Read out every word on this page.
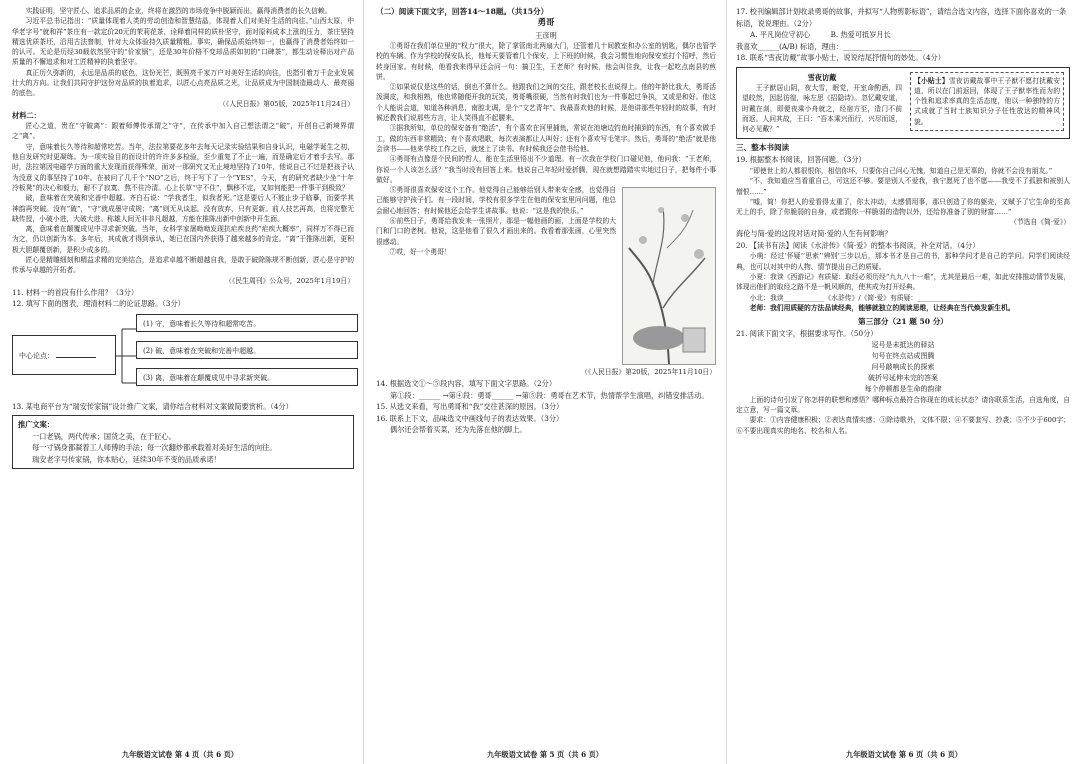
实践证明，坚守匠心、追求品质的企业，终将在激烈的市场竞争中脱颖而出，赢得消费者的长久信赖。

习近平总书记指出：“质量体现着人类的劳动创造和智慧结晶，体现着人们对美好生活的向往。”山西太原，中华老字号“就和祥”茶庄有一款定价20元的茉莉花茶，诠释着同样的质朴坚守，面对原料成本上涨的压力，茶庄坚持精选优质茶坯，沿用古法窨制，针对大众体验持久质量精粗。事实，确保品质始终如一，也赢得了消费者始终如一的认可。无论是历经30载依然坚守的“价家锅”，还是30年价格不变却品质如初的“口碑茶”，都生动诠释出对产品质量的不懈追求和对工匠精神的执着坚守。

真正历久弥新的，永远是品质的底色，这份光芒，既照亮千家万户对美好生活的向往，也指引着万千企业发展壮大的方向。让我们共同守护这份对品质的执着追求，以匠心点亮品质之光，让品质成为中国制造最动人、最亮丽的底色。

（《人民日报》第05版，2025年11月24日）

材料二：

匠心之道，贵在“守破离”：跟着师傅传承谓之“守”，在传承中加入自己想法谓之“破”，开创自己新境界谓之“离”。

守，意味着长久等待和超常吃苦。当年，法拉第要花多年去每天记录实验结果和自身认识，电磁学诞生之初，他自发研究时更凝练。为一项实验目的而设计的许许多多检验，至少重复了不止一遍，而是确定后才着手去写。那时，法拉第因电磁学方面的重大发现而获得殊荣，面对一那研究又无止境地坚持了10年，他说自己不过是把孩子认为没意义的事坚持了10年。在被问了几千个“NO”之后，终于写下了一个“YES”，今天，有的研究者缺少坐“十年冷板凳”的决心和毅力，耐不了寂寞、熬不住冷清。心上长草“守不住”，飘移不定，又如何能把一件事干到极致？

破，意味着在突破和完善中超越。齐白石说：“学我者生，似我者死。”这是要后人不能止步于临摹，而要学其神韵再突破。没有“破”，“守”就成墨守成规；“离”则无从谈起。没有放弃，只有更新。前人技艺再高，也将完整无缺传授，小破小进，大破大进。称雄人间无非非凡超越，方能在推陈出新中创新中开生面。

离，意味着在颠覆成见中寻求新突破。当年，女科学家屠呦呦发现抗疟疾良药“疟疾大概率”，同样万不得已而为之，仍以创新为本。多年后，其成就才得到承认，她已在国内外获得了越来越多的肯定。“离”于推陈出新，更积极大胆颠覆创新，是积少成多的。

匠心是精雕细刻和精益求精的完美结合，是追求卓越不断超越自我，是敢于破除陈规不断创新，匠心是守护的传承与卓越的开拓者。

（《民生周刊》公众号，2025年1月19日）

11. 材料一的首段有什么作用？（3分）

12. 填写下面的图表，理清材料二的论证思路。（3分）

中心论点：
(1) 守，意味着长久等待和超常吃苦。
(2) 破，意味着在突破和完善中超越。
(3) 离，意味着在颠覆成见中寻求新突破。

13. 某电商平台为“瑞安传家锅”设计推广文案，请你结合材料对文案做简要赏析。（4分）

推广文案：

一口老锅，两代传承；国货之美，在于匠心。

每一寸锅身都凝着工人师傅的手法；每一次翻炒都承载着对美好生活的向往。

瑞安老字号传家锅，你本贴心，延续30年不变的品质承诺！

九年级语文试卷 第 4 页（共 6 页）

（二）阅读下面文字，回答14～18题。（共15分）

勇哥

王彦明

①勇哥在我们单位里的“权力”很大，除了掌管南北两扇大门，还管着几十间教室和办公室的钥匙，偶尔也管学校的车辆。作为学校的保安队长，他每天要管着几个保安，上下班的时候，我会习惯性地向保安室打个招呼，然后转身回家。有时候，他看我来得早还会问一句：搞卫生，王老师？有时候，他会叫住我，让我一起吃点南县的煎饼。

②如果说仅是这些的话，倒也不算什么。他跟我们之间的交往，跟老校长也说得上。他的年龄比我大，勇哥活泼调皮，和我相熟，他也常随便开我的玩笑，勇哥嘴很硬，当然有时我们也为一件事起过争执，又或是和好。他这个人能说会道，知道各种消息，南腔北调，是个“文艺青年”。我最喜欢他的时候，是他讲那些年轻时的故事，有时候还教我们说那些方言，让人笑得直不起腰来。

③据我所知，单位的保安备有“绝活”，有个喜欢在河里捕鱼，常说在池塘边钓鱼时捕到的东西，有个喜欢做手工，做的东西非常精致；有个喜欢唱歌，每次表演都让人叫好；还有个喜欢写毛笔字。然后，勇哥的“绝活”就是他会读书——他来学校工作之后，就迷上了读书。有时候我还会借书给他。

④勇哥有点像是个民间的哲人，能在生活里悟出不少道理。有一次我在学校门口碰见他，他问我：“王老师，你说一个人该怎么活？”我当时没有回答上来。他说自己年轻时爱折腾，现在就想踏踏实实地过日子，把每件小事做好。

⑤勇哥很喜欢保安这个工作。他觉得自己能够给别人带来安全感，也觉得自己能够守护孩子们。有一段时间，学校有很多学生在他的保安室里问问题，他总会耐心地回答；有时候他还会给学生讲故事。他说：“这是我的快乐。”

⑥前些日子，勇哥给我发来一张照片，那是一幅他画的画，上面是学校的大门和门口的老树。他说，这是他看了很久才画出来的。我看着那张画，心里突然很感动。

⑦哎，好一个勇哥！

（《人民日报》第20版，2025年11月10日）

14. 根据选文①～⑤段内容，填写下面文字思路。（2分）

第①段：______ →第④段：勇哥______ →第⑤段：勇哥在艺术节，热情帮学生演唱，纠错安排活动。

15. 从选文来看，写出勇哥和“我”交往甚深的原因。（3分）

16. 联系上下文，品味选文中画线句子的表达效果。（3分）

偶尔还会帮着买菜，还为先落在他的脚上。

九年级语文试卷 第 5 页（共 6 页）

17. 校刊编辑部计划收录勇哥的故事，并拟写“人物剪影标语”，请结合选文内容，选择下面你喜欢的一条标语，说说理由。（2分）

A. 平凡岗位守初心	B. 热爱可抵岁月长

我喜欢______(A/B) 标语，理由：______________________

18. 联系“雪夜访戴”故事小贴士，说说结尾抒情句的妙处。（4分）

雪夜访戴

王子猷居山阴，夜大雪，眠觉，开室命酌酒，四望皎然，因起彷徨，咏左思《招隐诗》。忽忆戴安道，时戴在剡，即便夜乘小舟就之，经宿方至，造门不前而返。人问其故，王曰：“吾本乘兴而行，兴尽而返，何必见戴？”

【小贴士】雪夜访戴故事中王子猷不愿打扰戴安道，所以在门前返回，体现了王子猷率性而为的个性和追求率真的生活态度，他以一种独特的方式成就了当时士族知识分子任性放达的精神风貌。

三、整本书阅读

19. 根据整本书阅读，回答问题。（3分）

“即使世上的人都很恨你，相信你坏，只要你自己问心无愧，知道自己是无辜的，你就不会没有朋友。”

“不，我知道应当看重自己，可这还不够。要是别人不爱我，我宁愿死了也不愿——我受不了孤独和被别人憎恨……”

“嘘，简！你把人的爱看得太重了，你太冲动，太感情用事，那只创造了你的躯壳，又赋予了它生命的至高无上的手，除了你脆弱的自身，或者跟你一样脆弱的造物以外，还给你准备了别的财富……”

（节选自《简·爱》）

海伦与简·爱的这段对话对简·爱的人生有何影响？

20. 【读书有法】阅读《水浒传》《简·爱》的整本书阅读，补全对话。（4分）

小萌：经过‘怀疑’‘思索’‘辨别’三步以后，那本书才是自己的书，那种学问才是自己的学问。同学们阅读经典，也可以对其中的人物、情节提出自己的质疑。

小夏：我读《西游记》有质疑：取经必须历经“九九八十一难”，尤其是最后一难，如此安排推动情节发展，体现出他们的取经之路不是一帆风顺的，使其成为打开经典。

小北：我读____________《水浒传》/《简·爱》有质疑：______________________

老师：我们用质疑的方法品读经典，能够就独立的阅读思维，让经典在当代焕发新生机。

第三部分（21 题 50 分）

21. 阅读下面文字，根据要求写作。（50分）

逗号是未抵达的驿站

句号在终点站成图腾

问号敲响成长的探索

破折号延伸未完的答案

每个停顿都是生命的韵律

上面的诗句引发了你怎样的联想和感悟？哪种标点最符合你现在的成长状态？请你联系生活，自选角度，自定立意，写一篇文章。

要求：①内容健康积极；②表达真情实感；③除诗歌外，文体不限；④不要套写、抄袭；⑤不少于600字；⑥不要出现真实的地名、校名和人名。

九年级语文试卷 第 6 页（共 6 页）
